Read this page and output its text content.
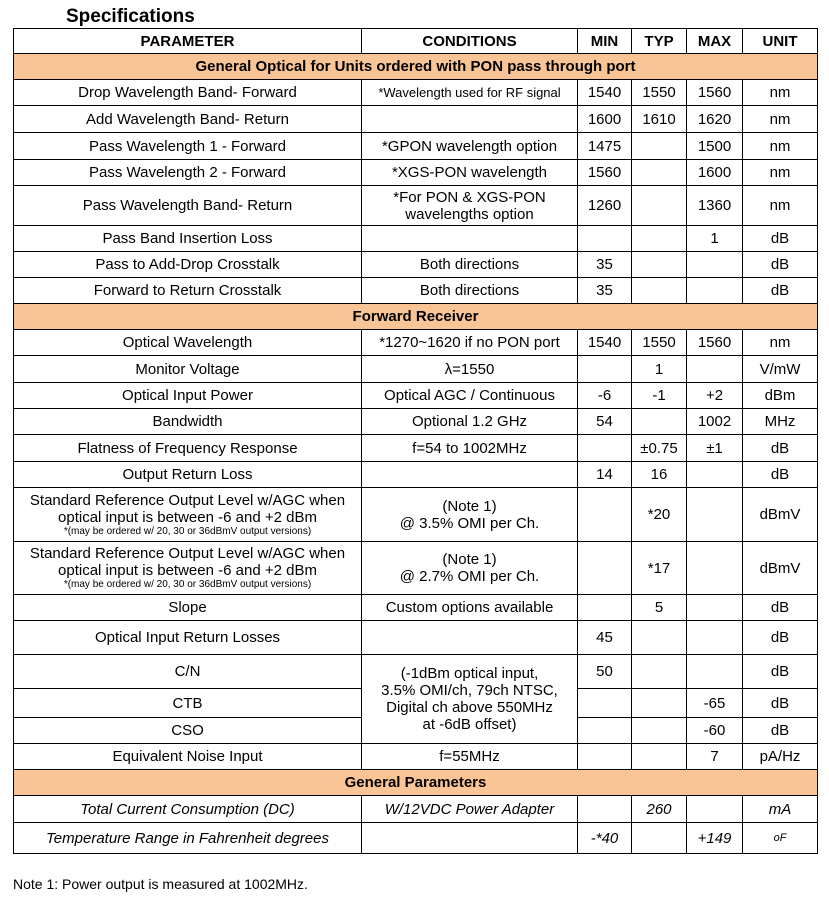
Specifications
PARAMETER	CONDITIONS	MIN	TYP	MAX	UNIT
General Optical for Units ordered with PON pass through port					
Drop Wavelength Band- Forward	*Wavelength used for RF signal	1540	1550	1560	nm
Add Wavelength Band- Return		1600	1610	1620	nm
Pass Wavelength 1 - Forward	*GPON wavelength option	1475		1500	nm
Pass Wavelength 2 - Forward	*XGS-PON wavelength	1560		1600	nm
Pass Wavelength Band- Return	*For PON & XGS-PON
wavelengths option	1260		1360	nm
Pass Band Insertion Loss				1	dB
Pass to Add-Drop Crosstalk	Both directions	35			dB
Forward to Return Crosstalk	Both directions	35			dB
Forward Receiver					
Optical Wavelength	*1270~1620 if no PON port	1540	1550	1560	nm
Monitor Voltage	λ=1550		1		V/mW
Optical Input Power	Optical AGC / Continuous	-6	-1	+2	dBm
Bandwidth	Optional 1.2 GHz	54		1002	MHz
Flatness of Frequency Response	f=54 to 1002MHz		±0.75	±1	dB
Output Return Loss		14	16		dB
Standard Reference Output Level w/AGC when
optical input is between -6 and +2 dBm
*(may be ordered w/ 20, 30 or 36dBmV output versions)	(Note 1)
@ 3.5% OMI per Ch.		*20		dBmV
Standard Reference Output Level w/AGC when
optical input is between -6 and +2 dBm
*(may be ordered w/ 20, 30 or 36dBmV output versions)	(Note 1)
@ 2.7% OMI per Ch.		*17		dBmV
Slope	Custom options available		5		dB
Optical Input Return Losses		45			dB
C/N	(-1dBm optical input,
3.5% OMI/ch, 79ch NTSC,
Digital ch above 550MHz
at -6dB offset)	50			dB
CTB				-65	dB
CSO				-60	dB
Equivalent Noise Input	f=55MHz			7	pA/Hz
General Parameters					
Total Current Consumption (DC)	W/12VDC Power Adapter		260		mA
Temperature Range in Fahrenheit degrees		-*40		+149	oF
Note 1: Power output is measured at 1002MHz.
